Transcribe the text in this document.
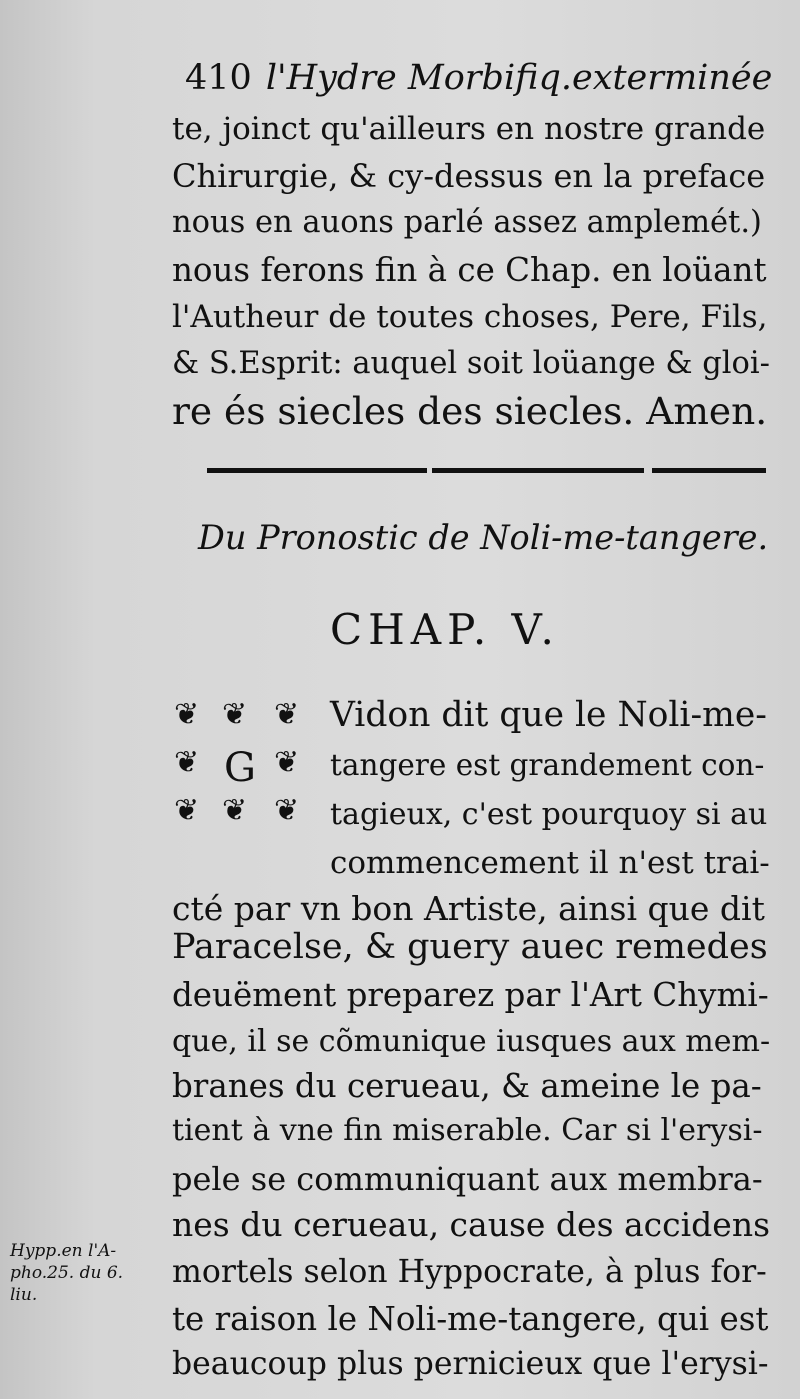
410 l'Hydre Morbifiq.exterminée
te, joinct qu'ailleurs en nostre grande
Chirurgie, & cy-dessus en la preface
nous en auons parlé assez amplemét.)
nous ferons fin à ce Chap. en loüant
l'Autheur de toutes choses, Pere, Fils,
& S.Esprit: auquel soit loüange & gloi-
re és siecles des siecles. Amen.
Du Pronostic de Noli-me-tangere.
CHAP. V.
❦ ❦ ❦
❦ ❦
❦ ❦ ❦
G
Vidon dit que le Noli-me-
tangere est grandement con-
tagieux, c'est pourquoy si au
commencement il n'est trai-
cté par vn bon Artiste, ainsi que dit
Paracelse, & guery auec remedes
deuëment preparez par l'Art Chymi-
que, il se cõmunique iusques aux mem-
branes du cerueau, & ameine le pa-
tient à vne fin miserable. Car si l'erysi-
pele se communiquant aux membra-
nes du cerueau, cause des accidens
mortels selon Hyppocrate, à plus for-
te raison le Noli-me-tangere, qui est
beaucoup plus pernicieux que l'erysi-
Hypp.en l'A-
pho.25. du 6.
liu.
